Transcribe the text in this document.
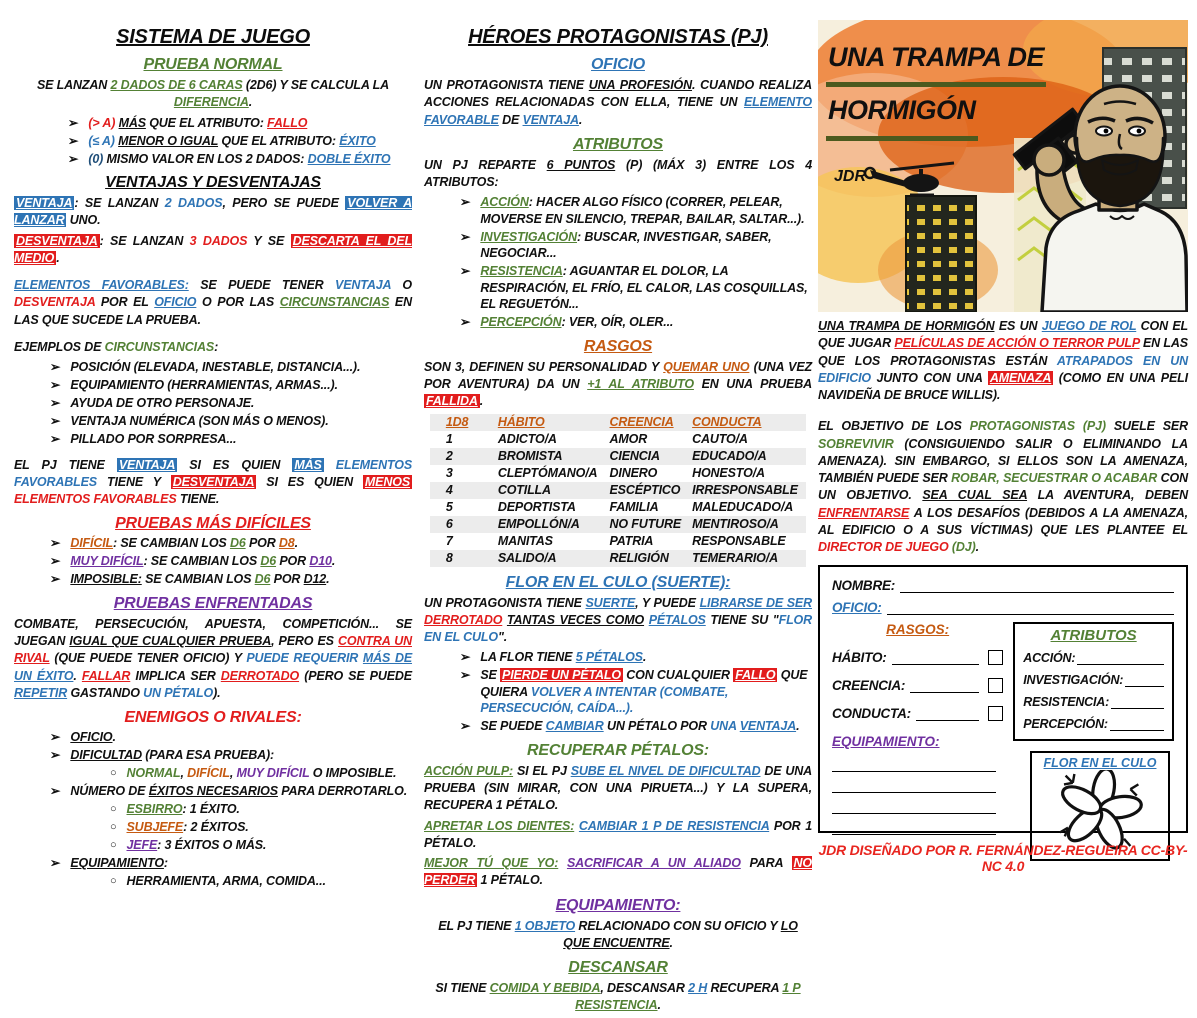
SISTEMA DE JUEGO
PRUEBA NORMAL
SE LANZAN 2 DADOS DE 6 CARAS (2D6) Y SE CALCULA LA DIFERENCIA.
➢ (> A) MÁS QUE EL ATRIBUTO: FALLO
➢ (≤ A) MENOR O IGUAL QUE EL ATRIBUTO: ÉXITO
➢ (0) MISMO VALOR EN LOS 2 DADOS: DOBLE ÉXITO
VENTAJAS Y DESVENTAJAS
VENTAJA : SE LANZAN 2 DADOS, PERO SE PUEDE VOLVER A LANZAR UNO.
DESVENTAJA : SE LANZAN 3 DADOS Y SE DESCARTA EL DEL MEDIO .
ELEMENTOS FAVORABLES: SE PUEDE TENER VENTAJA O DESVENTAJA POR EL OFICIO O POR LAS CIRCUNSTANCIAS EN LAS QUE SUCEDE LA PRUEBA.
EJEMPLOS DE CIRCUNSTANCIAS:
➢ POSICIÓN (ELEVADA, INESTABLE, DISTANCIA...).
➢ EQUIPAMIENTO (HERRAMIENTAS, ARMAS...).
➢ AYUDA DE OTRO PERSONAJE.
➢ VENTAJA NUMÉRICA (SON MÁS O MENOS).
➢ PILLADO POR SORPRESA...
EL PJ TIENE VENTAJA SI ES QUIEN MÁS ELEMENTOS FAVORABLES TIENE Y DESVENTAJA SI ES QUIEN MENOS ELEMENTOS FAVORABLES TIENE.
PRUEBAS MÁS DIFÍCILES
➢ DIFÍCIL: SE CAMBIAN LOS D6 POR D8.
➢ MUY DIFÍCIL: SE CAMBIAN LOS D6 POR D10.
➢ IMPOSIBLE: SE CAMBIAN LOS D6 POR D12.
PRUEBAS ENFRENTADAS
COMBATE, PERSECUCIÓN, APUESTA, COMPETICIÓN... SE JUEGAN IGUAL QUE CUALQUIER PRUEBA, PERO ES CONTRA UN RIVAL (QUE PUEDE TENER OFICIO) Y PUEDE REQUERIR MÁS DE UN ÉXITO. FALLAR IMPLICA SER DERROTADO (PERO SE PUEDE REPETIR GASTANDO UN PÉTALO).
ENEMIGOS O RIVALES:
➢ OFICIO.
➢ DIFICULTAD (PARA ESA PRUEBA):
○ NORMAL, DIFÍCIL, MUY DIFÍCIL O IMPOSIBLE.
➢ NÚMERO DE ÉXITOS NECESARIOS PARA DERROTARLO.
○ ESBIRRO: 1 ÉXITO.
○ SUBJEFE: 2 ÉXITOS.
○ JEFE: 3 ÉXITOS O MÁS.
➢ EQUIPAMIENTO:
○ HERRAMIENTA, ARMA, COMIDA...
HÉROES PROTAGONISTAS (PJ)
OFICIO
UN PROTAGONISTA TIENE UNA PROFESIÓN. CUANDO REALIZA ACCIONES RELACIONADAS CON ELLA, TIENE UN ELEMENTO FAVORABLE DE VENTAJA.
ATRIBUTOS
UN PJ REPARTE 6 PUNTOS (P) (MÁX 3) ENTRE LOS 4 ATRIBUTOS:
➢ ACCIÓN: HACER ALGO FÍSICO (CORRER, PELEAR, MOVERSE EN SILENCIO, TREPAR, BAILAR, SALTAR...).
➢ INVESTIGACIÓN: BUSCAR, INVESTIGAR, SABER, NEGOCIAR...
➢ RESISTENCIA: AGUANTAR EL DOLOR, LA RESPIRACIÓN, EL FRÍO, EL CALOR, LAS COSQUILLAS, EL REGUETÓN...
➢ PERCEPCIÓN: VER, OÍR, OLER...
RASGOS
SON 3, DEFINEN SU PERSONALIDAD Y QUEMAR UNO (UNA VEZ POR AVENTURA) DA UN +1 AL ATRIBUTO EN UNA PRUEBA FALLIDA .
1D8	HÁBITO	CREENCIA	CONDUCTA
1	ADICTO/A	AMOR	CAUTO/A
2	BROMISTA	CIENCIA	EDUCADO/A
3	CLEPTÓMANO/A	DINERO	HONESTO/A
4	COTILLA	ESCÉPTICO	IRRESPONSABLE
5	DEPORTISTA	FAMILIA	MALEDUCADO/A
6	EMPOLLÓN/A	NO FUTURE	MENTIROSO/A
7	MANITAS	PATRIA	RESPONSABLE
8	SALIDO/A	RELIGIÓN	TEMERARIO/A
FLOR EN EL CULO (SUERTE):
UN PROTAGONISTA TIENE SUERTE, Y PUEDE LIBRARSE DE SER DERROTADO TANTAS VECES COMO PÉTALOS TIENE SU "FLOR EN EL CULO".
➢ LA FLOR TIENE 5 PÉTALOS.
➢ SE PIERDE UN PÉTALO CON CUALQUIER FALLO QUE QUIERA VOLVER A INTENTAR (COMBATE, PERSECUCIÓN, CAÍDA...).
➢ SE PUEDE CAMBIAR UN PÉTALO POR UNA VENTAJA.
RECUPERAR PÉTALOS:
ACCIÓN PULP: SI EL PJ SUBE EL NIVEL DE DIFICULTAD DE UNA PRUEBA (SIN MIRAR, CON UNA PIRUETA...) Y LA SUPERA, RECUPERA 1 PÉTALO.
APRETAR LOS DIENTES: CAMBIAR 1 P DE RESISTENCIA POR 1 PÉTALO.
MEJOR TÚ QUE YO: SACRIFICAR A UN ALIADO PARA NO PERDER 1 PÉTALO.
EQUIPAMIENTO:
EL PJ TIENE 1 OBJETO RELACIONADO CON SU OFICIO Y LO QUE ENCUENTRE.
DESCANSAR
SI TIENE COMIDA Y BEBIDA, DESCANSAR 2 H RECUPERA 1 P RESISTENCIA.
UNA TRAMPA DE
HORMIGÓN
JDR
UNA TRAMPA DE HORMIGÓN ES UN JUEGO DE ROL CON EL QUE JUGAR PELÍCULAS DE ACCIÓN O TERROR PULP EN LAS QUE LOS PROTAGONISTAS ESTÁN ATRAPADOS EN UN EDIFICIO JUNTO CON UNA AMENAZA (COMO EN UNA PELI NAVIDEÑA DE BRUCE WILLIS).
EL OBJETIVO DE LOS PROTAGONISTAS (PJ) SUELE SER SOBREVIVIR (CONSIGUIENDO SALIR O ELIMINANDO LA AMENAZA). SIN EMBARGO, SI ELLOS SON LA AMENAZA, TAMBIÉN PUEDE SER ROBAR, SECUESTRAR O ACABAR CON UN OBJETIVO. SEA CUAL SEA LA AVENTURA, DEBEN ENFRENTARSE A LOS DESAFÍOS (DEBIDOS A LA AMENAZA, AL EDIFICIO O A SUS VÍCTIMAS) QUE LES PLANTEE EL DIRECTOR DE JUEGO (DJ).
NOMBRE:
OFICIO:
RASGOS:
HÁBITO:
CREENCIA:
CONDUCTA:
EQUIPAMIENTO:
ATRIBUTOS
ACCIÓN:
INVESTIGACIÓN:
RESISTENCIA:
PERCEPCIÓN:
FLOR EN EL CULO
JDR DISEÑADO POR R. FERNÁNDEZ-REGUEIRA CC-BY-NC 4.0
